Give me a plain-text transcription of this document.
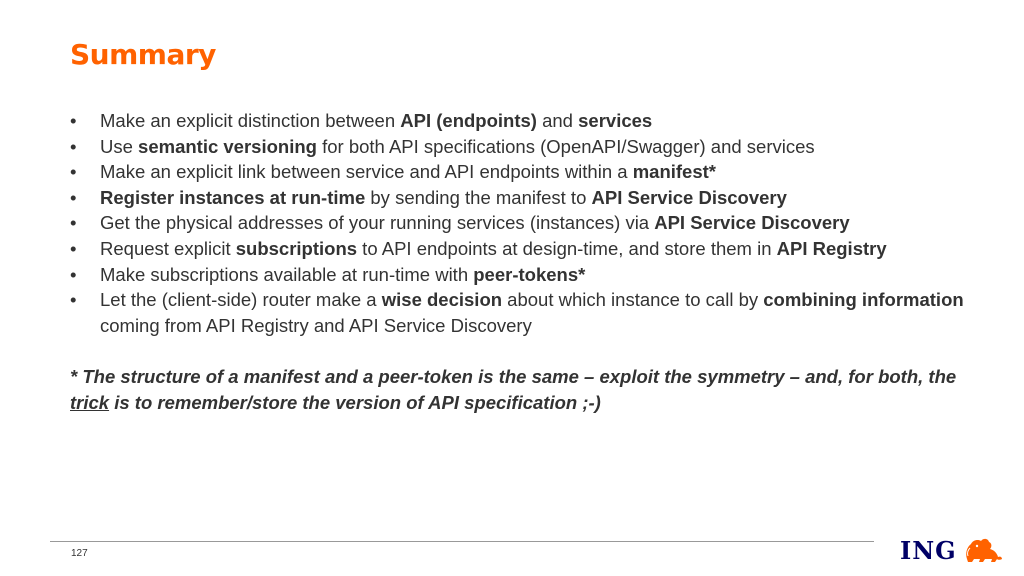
Summary
• Make an explicit distinction between API (endpoints) and services
• Use semantic versioning for both API specifications (OpenAPI/Swagger) and services
• Make an explicit link between service and API endpoints within a manifest*
• Register instances at run-time by sending the manifest to API Service Discovery
• Get the physical addresses of your running services (instances) via API Service Discovery
• Request explicit subscriptions to API endpoints at design-time, and store them in API Registry
• Make subscriptions available at run-time with peer-tokens*
• Let the (client-side) router make a wise decision about which instance to call by combining information coming from API Registry and API Service Discovery
* The structure of a manifest and a peer-token is the same – exploit the symmetry – and, for both, the trick is to remember/store the version of API specification ;-)
127	ING
